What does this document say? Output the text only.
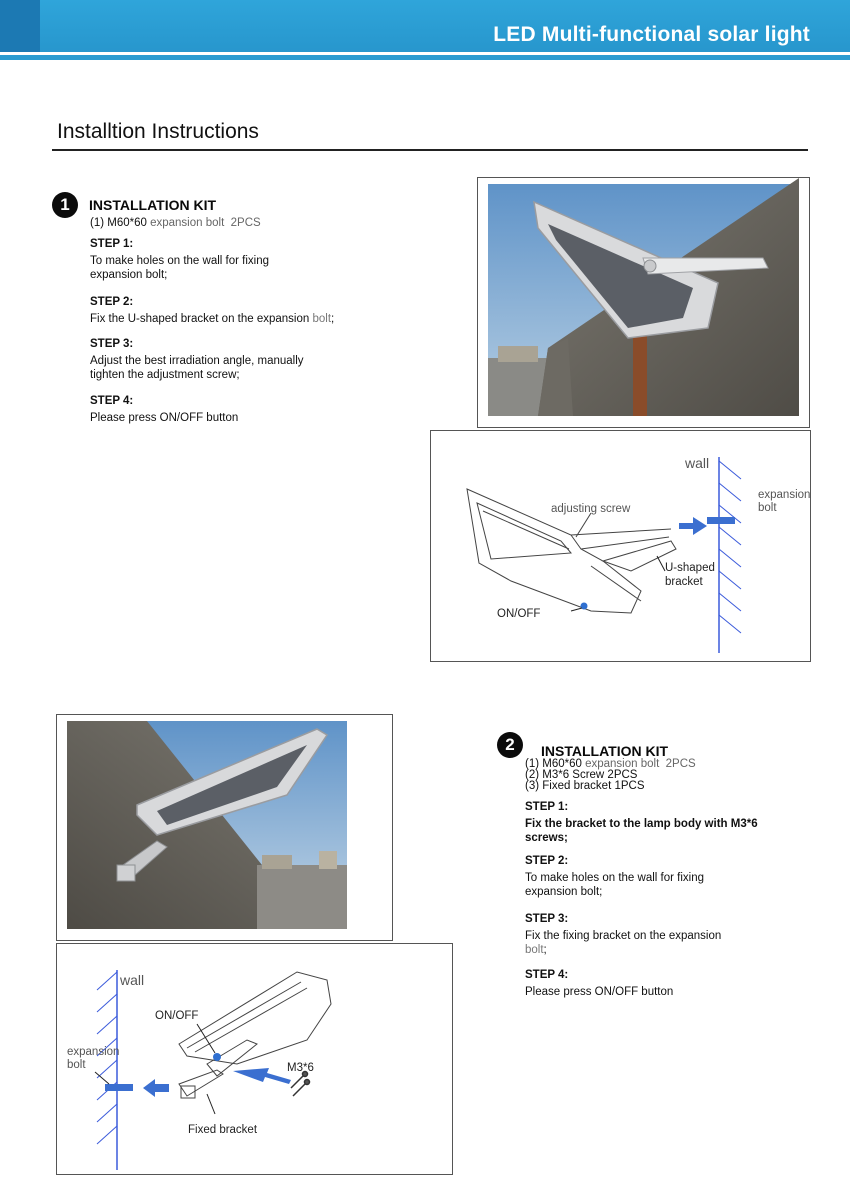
LED Multi-functional solar light
Installtion Instructions
1	INSTALLATION KIT
(1) M60*60 expansion bolt 2PCS
STEP 1:
To make holes on the wall for fixing expansion bolt;
STEP 2:
Fix the U-shaped bracket on the expansion bolt;
STEP 3:
Adjust the best irradiation angle, manually tighten the adjustment screw;
STEP 4:
Please press ON/OFF button
wall
adjusting screw
expansion bolt
U-shaped
bracket
ON/OFF
wall
ON/OFF
expansion
bolt	M3*6
Fixed bracket
2	INSTALLATION KIT
(1) M60*60 expansion bolt 2PCS
(2) M3*6 Screw 2PCS
(3) Fixed bracket 1PCS
STEP 1:
Fix the bracket to the lamp body with M3*6 screws;
STEP 2:
To make holes on the wall for fixing expansion bolt;
STEP 3:
Fix the fixing bracket on the expansion bolt;
STEP 4:
Please press ON/OFF button
